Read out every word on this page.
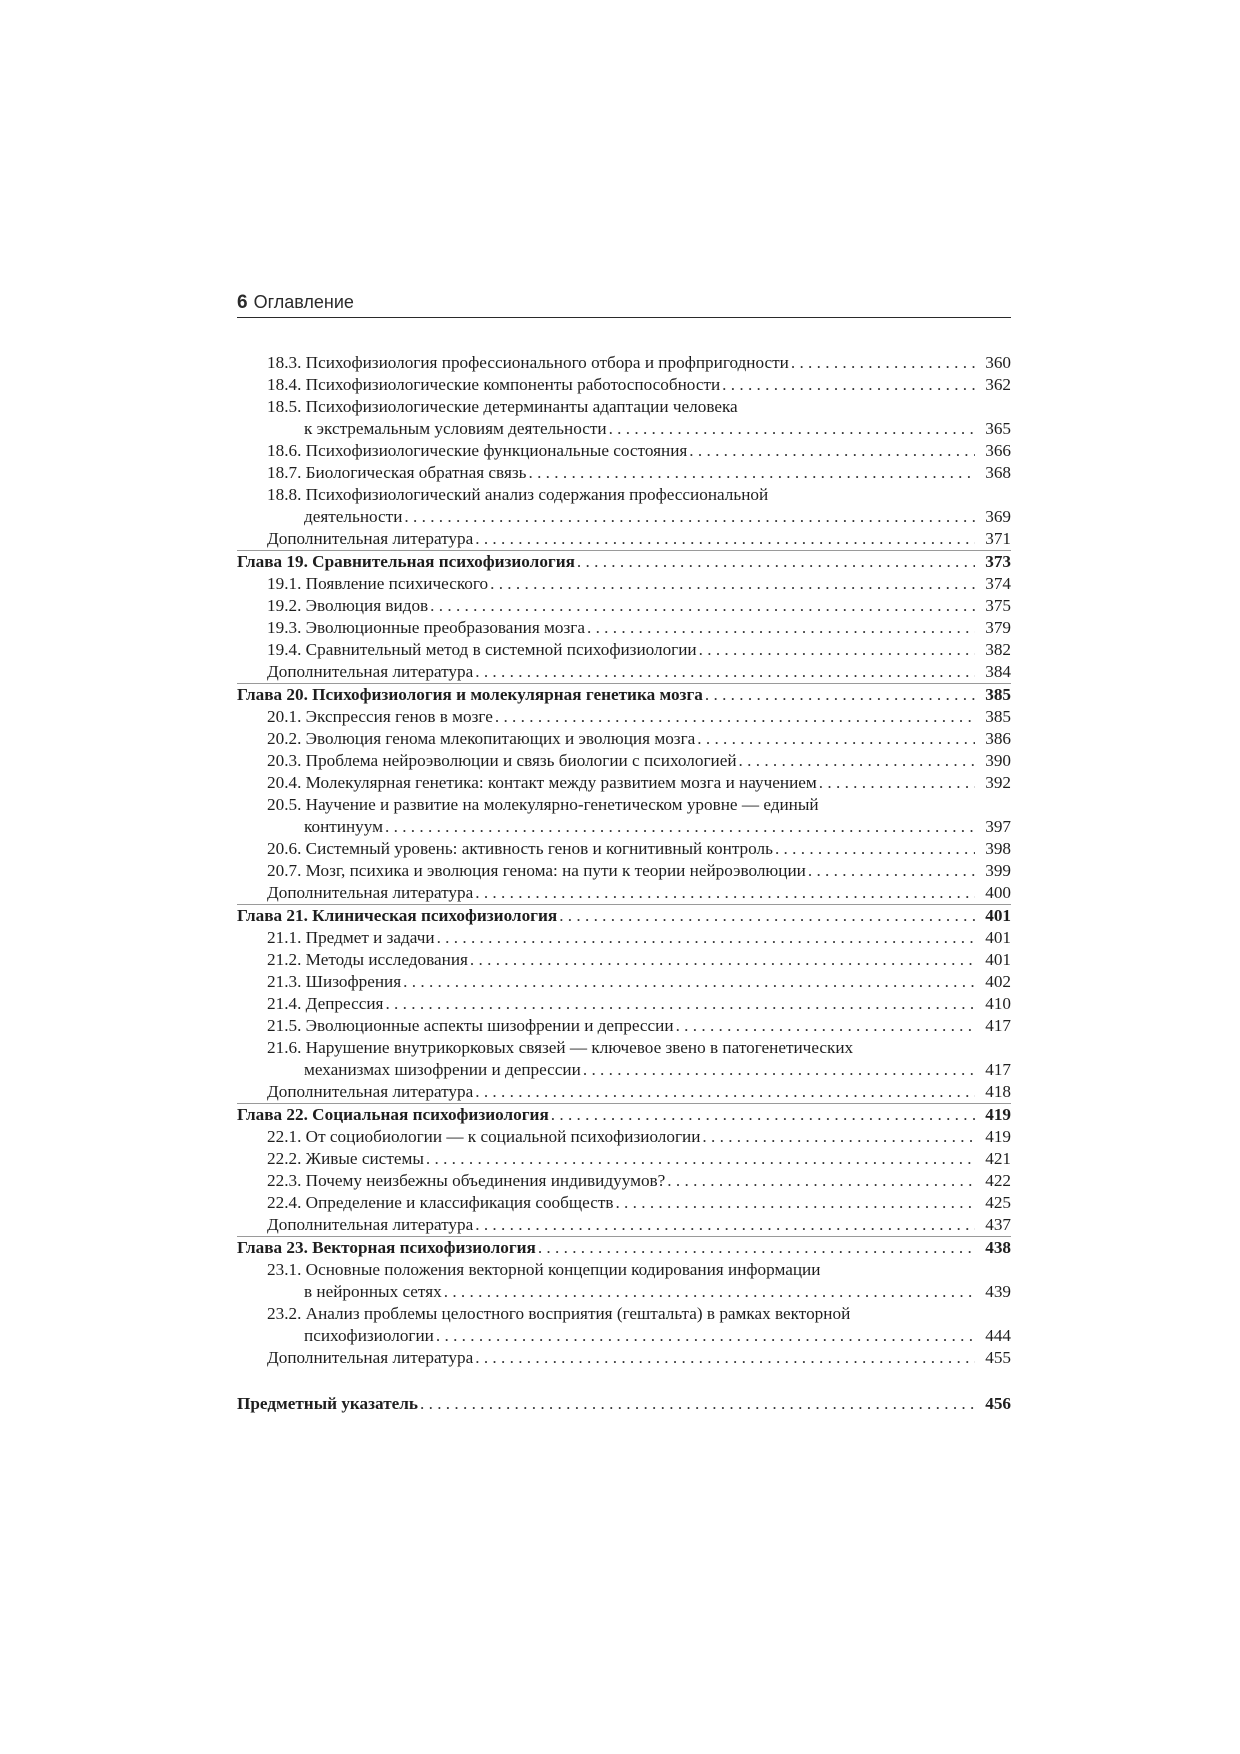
6 Оглавление
18.3. Психофизиология профессионального отбора и профпригодности . . .	360
18.4. Психофизиологические компоненты работоспособности . . .	362
18.5. Психофизиологические детерминанты адаптации человека
к экстремальным условиям деятельности . . .	365
18.6. Психофизиологические функциональные состояния . . .	366
18.7. Биологическая обратная связь . . .	368
18.8. Психофизиологический анализ содержания профессиональной
деятельности . . .	369
Дополнительная литература . . .	371
Глава 19. Сравнительная психофизиология . . .	373
19.1. Появление психического . . .	374
19.2. Эволюция видов . . .	375
19.3. Эволюционные преобразования мозга . . .	379
19.4. Сравнительный метод в системной психофизиологии . . .	382
Дополнительная литература . . .	384
Глава 20. Психофизиология и молекулярная генетика мозга . . .	385
20.1. Экспрессия генов в мозге . . .	385
20.2. Эволюция генома млекопитающих и эволюция мозга . . .	386
20.3. Проблема нейроэволюции и связь биологии с психологией . . .	390
20.4. Молекулярная генетика: контакт между развитием мозга и научением . . .	392
20.5. Научение и развитие на молекулярно-генетическом уровне — единый
континуум . . .	397
20.6. Системный уровень: активность генов и когнитивный контроль . . .	398
20.7. Мозг, психика и эволюция генома: на пути к теории нейроэволюции . . .	399
Дополнительная литература . . .	400
Глава 21. Клиническая психофизиология . . .	401
21.1. Предмет и задачи . . .	401
21.2. Методы исследования . . .	401
21.3. Шизофрения . . .	402
21.4. Депрессия . . .	410
21.5. Эволюционные аспекты шизофрении и депрессии . . .	417
21.6. Нарушение внутрикорковых связей — ключевое звено в патогенетических
механизмах шизофрении и депрессии . . .	417
Дополнительная литература . . .	418
Глава 22. Социальная психофизиология . . .	419
22.1. От социобиологии — к социальной психофизиологии . . .	419
22.2. Живые системы . . .	421
22.3. Почему неизбежны объединения индивидуумов? . . .	422
22.4. Определение и классификация сообществ . . .	425
Дополнительная литература . . .	437
Глава 23. Векторная психофизиология . . .	438
23.1. Основные положения векторной концепции кодирования информации
в нейронных сетях . . .	439
23.2. Анализ проблемы целостного восприятия (гештальта) в рамках векторной
психофизиологии . . .	444
Дополнительная литература . . .	455
Предметный указатель . . .	456
